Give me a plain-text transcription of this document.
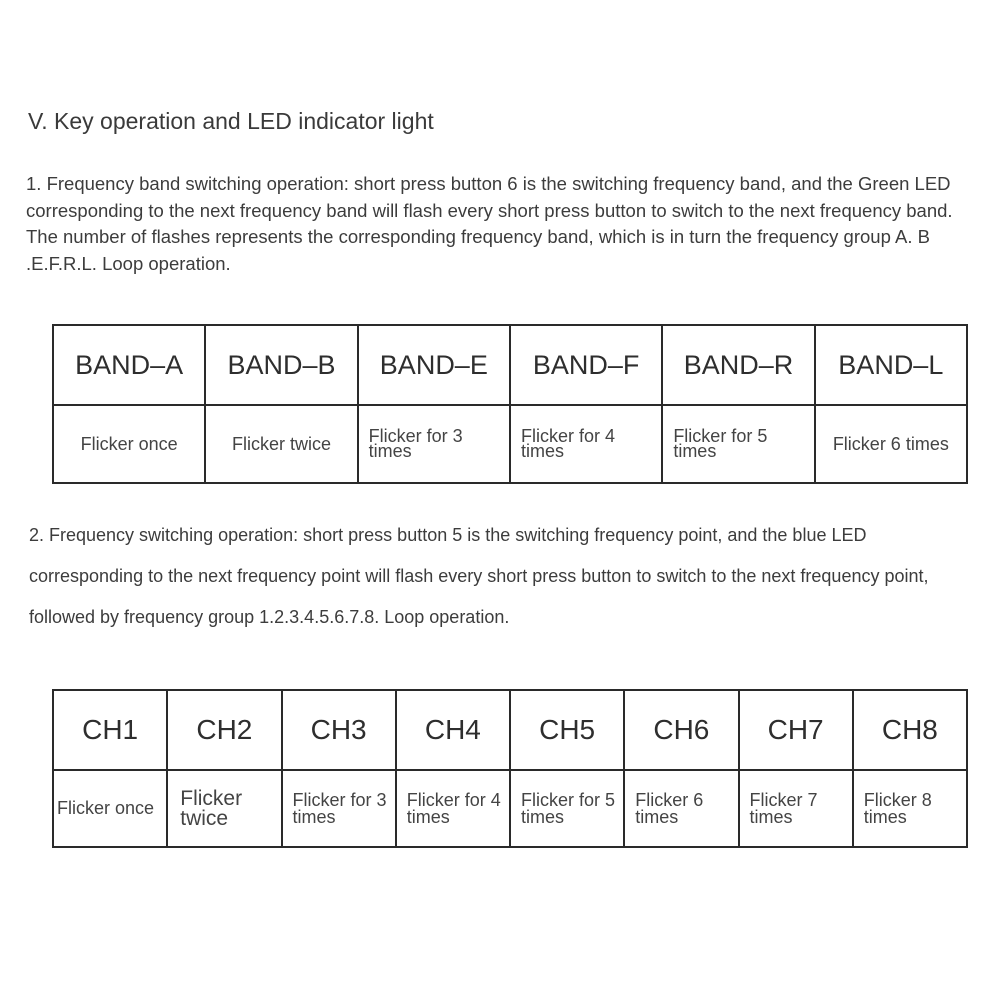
V. Key operation and LED indicator light
1. Frequency band switching operation: short press button 6 is the switching frequency band, and the Green LED corresponding to the next frequency band will flash every short press button to switch to the next frequency band. The number of flashes represents the corresponding frequency band, which is in turn the frequency group A. B .E.F.R.L. Loop operation.
BAND–A	BAND–B	BAND–E	BAND–F	BAND–R	BAND–L
Flicker once	Flicker twice	Flicker for 3 times	Flicker for 4 times	Flicker for 5 times	Flicker 6 times
2. Frequency switching operation: short press button 5 is the switching frequency point, and the blue LED corresponding to the next frequency point will flash every short press button to switch to the next frequency point, followed by frequency group 1.2.3.4.5.6.7.8. Loop operation.
CH1	CH2	CH3	CH4	CH5	CH6	CH7	CH8
Flicker once	Flicker twice	Flicker for 3 times	Flicker for 4 times	Flicker for 5 times	Flicker 6 times	Flicker 7 times	Flicker 8 times
